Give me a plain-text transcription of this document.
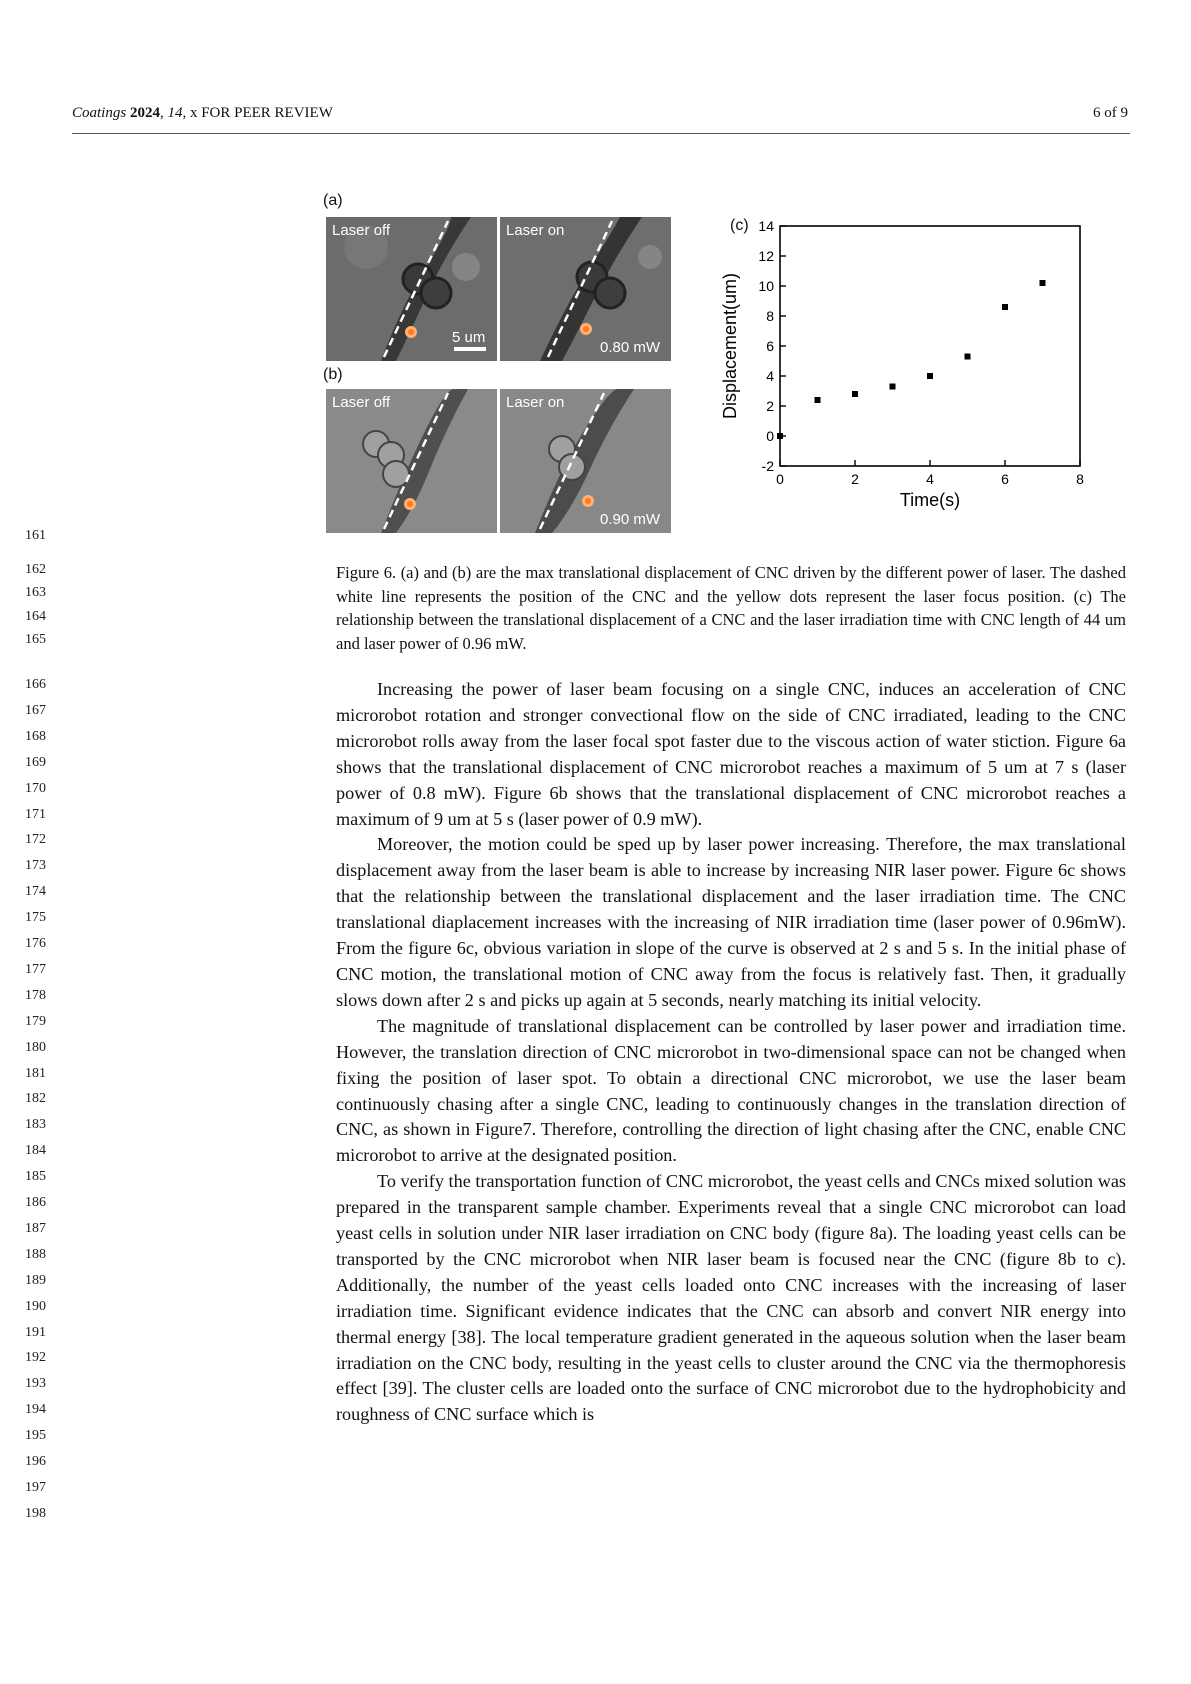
Coatings 2024, 14, x FOR PEER REVIEW	6 of 9
(a)
(b)
Laser off
5 um
Laser on
0.80 mW
Laser off	Laser on
0.90 mW
(c)
-2
0
2
4
6
8
10
12
14
0	2	4	6	8
Time(s)
Displacement(um)
161
162
163
164
165
166
167
168
169
170
171
172
173
174
175
176
177
178
179
180
181
182
183
184
185
186
187
188
189
190
191
192
193
194
195
196
197
198

Figure 6. (a) and (b) are the max translational displacement of CNC driven by the different power of laser. The dashed white line represents the position of the CNC and the yellow dots represent the laser focus position. (c) The relationship between the translational displacement of a CNC and the laser irradiation time with CNC length of 44 um and laser power of 0.96 mW.

Increasing the power of laser beam focusing on a single CNC, induces an acceleration of CNC microrobot rotation and stronger convectional flow on the side of CNC irradiated, leading to the CNC microrobot rolls away from the laser focal spot faster due to the viscous action of water stiction. Figure 6a shows that the translational displacement of CNC microrobot reaches a maximum of 5 um at 7 s (laser power of 0.8 mW). Figure 6b shows that the translational displacement of CNC microrobot reaches a maximum of 9 um at 5 s (laser power of 0.9 mW).

Moreover, the motion could be sped up by laser power increasing. Therefore, the max translational displacement away from the laser beam is able to increase by increasing NIR laser power. Figure 6c shows that the relationship between the translational displacement and the laser irradiation time. The CNC translational diaplacement increases with the increasing of NIR irradiation time (laser power of 0.96mW). From the figure 6c, obvious variation in slope of the curve is observed at 2 s and 5 s. In the initial phase of CNC motion, the translational motion of CNC away from the focus is relatively fast. Then, it gradually slows down after 2 s and picks up again at 5 seconds, nearly matching its initial velocity.

The magnitude of translational displacement can be controlled by laser power and irradiation time. However, the translation direction of CNC microrobot in two-dimensional space can not be changed when fixing the position of laser spot. To obtain a directional CNC microrobot, we use the laser beam continuously chasing after a single CNC, leading to continuously changes in the translation direction of CNC, as shown in Figure7. Therefore, controlling the direction of light chasing after the CNC, enable CNC microrobot to arrive at the designated position.

To verify the transportation function of CNC microrobot, the yeast cells and CNCs mixed solution was prepared in the transparent sample chamber. Experiments reveal that a single CNC microrobot can load yeast cells in solution under NIR laser irradiation on CNC body (figure 8a). The loading yeast cells can be transported by the CNC microrobot when NIR laser beam is focused near the CNC (figure 8b to c). Additionally, the number of the yeast cells loaded onto CNC increases with the increasing of laser irradiation time. Significant evidence indicates that the CNC can absorb and convert NIR energy into thermal energy [38]. The local temperature gradient generated in the aqueous solution when the laser beam irradiation on the CNC body, resulting in the yeast cells to cluster around the CNC via the thermophoresis effect [39]. The cluster cells are loaded onto the surface of CNC microrobot due to the hydrophobicity and roughness of CNC surface which is
